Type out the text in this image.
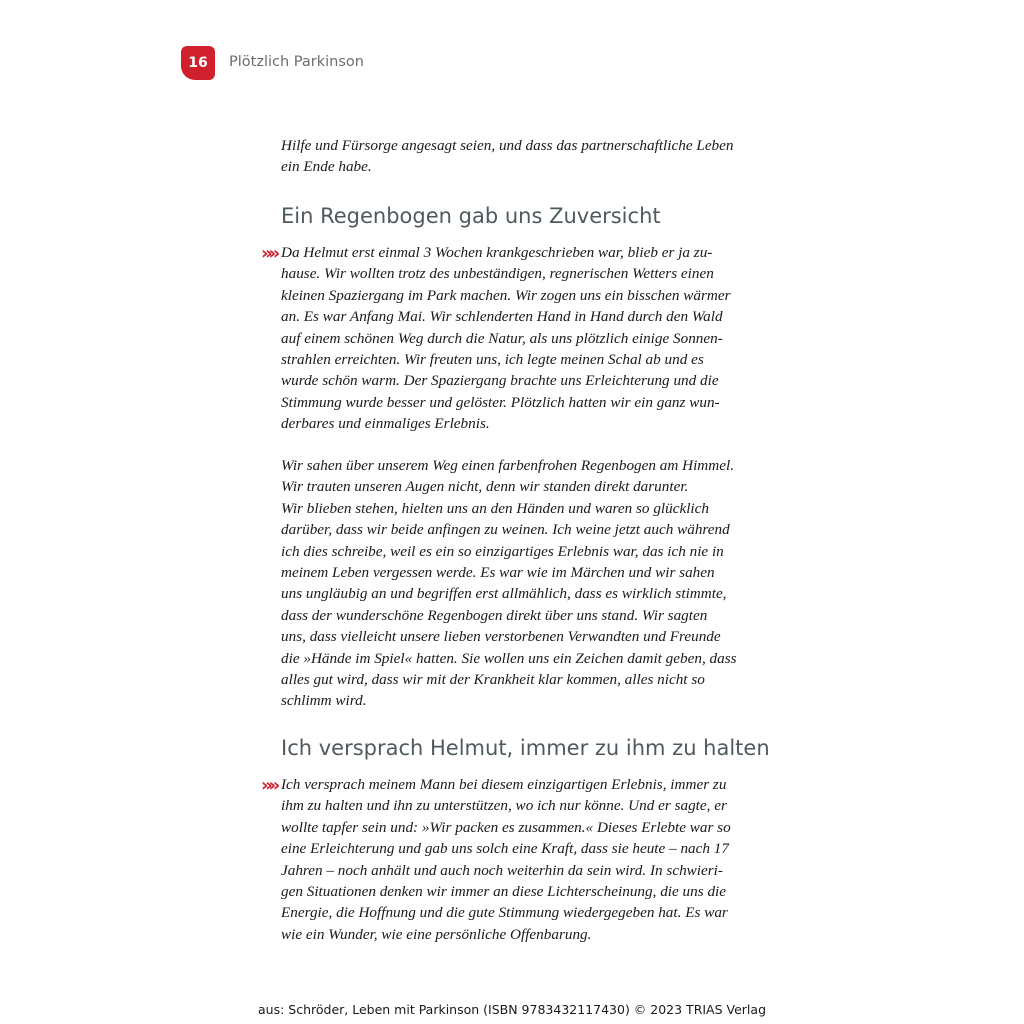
16 Plötzlich Parkinson
Hilfe und Fürsorge angesagt seien, und dass das partnerschaftliche Leben
ein Ende habe.
Ein Regenbogen gab uns Zuversicht
»» Da Helmut erst einmal 3 Wochen krankgeschrieben war, blieb er ja zu-
hause. Wir wollten trotz des unbeständigen, regnerischen Wetters einen
kleinen Spaziergang im Park machen. Wir zogen uns ein bisschen wärmer
an. Es war Anfang Mai. Wir schlenderten Hand in Hand durch den Wald
auf einem schönen Weg durch die Natur, als uns plötzlich einige Sonnen-
strahlen erreichten. Wir freuten uns, ich legte meinen Schal ab und es
wurde schön warm. Der Spaziergang brachte uns Erleichterung und die
Stimmung wurde besser und gelöster. Plötzlich hatten wir ein ganz wun-
derbares und einmaliges Erlebnis.
Wir sahen über unserem Weg einen farbenfrohen Regenbogen am Himmel.
Wir trauten unseren Augen nicht, denn wir standen direkt darunter.
Wir blieben stehen, hielten uns an den Händen und waren so glücklich
darüber, dass wir beide anfingen zu weinen. Ich weine jetzt auch während
ich dies schreibe, weil es ein so einzigartiges Erlebnis war, das ich nie in
meinem Leben vergessen werde. Es war wie im Märchen und wir sahen
uns ungläubig an und begriffen erst allmählich, dass es wirklich stimmte,
dass der wunderschöne Regenbogen direkt über uns stand. Wir sagten
uns, dass vielleicht unsere lieben verstorbenen Verwandten und Freunde
die »Hände im Spiel« hatten. Sie wollen uns ein Zeichen damit geben, dass
alles gut wird, dass wir mit der Krankheit klar kommen, alles nicht so
schlimm wird.
Ich versprach Helmut, immer zu ihm zu halten
»» Ich versprach meinem Mann bei diesem einzigartigen Erlebnis, immer zu
ihm zu halten und ihn zu unterstützen, wo ich nur könne. Und er sagte, er
wollte tapfer sein und: »Wir packen es zusammen.« Dieses Erlebte war so
eine Erleichterung und gab uns solch eine Kraft, dass sie heute – nach 17
Jahren – noch anhält und auch noch weiterhin da sein wird. In schwieri-
gen Situationen denken wir immer an diese Lichterscheinung, die uns die
Energie, die Hoffnung und die gute Stimmung wiedergegeben hat. Es war
wie ein Wunder, wie eine persönliche Offenbarung.
aus: Schröder, Leben mit Parkinson (ISBN 9783432117430) © 2023 TRIAS Verlag
